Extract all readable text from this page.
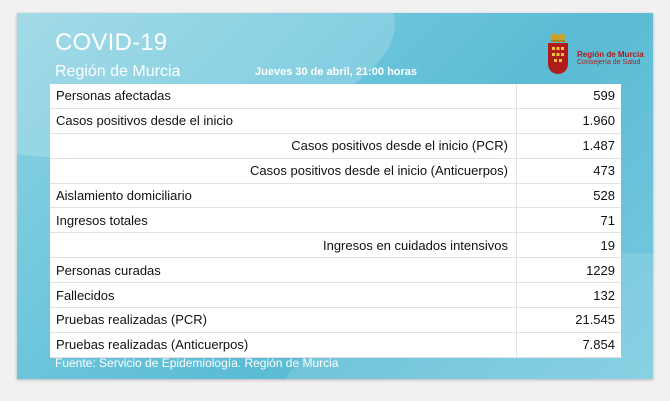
COVID-19
Región de Murcia	Jueves 30 de abril, 21:00 horas
Región de Murcia
Consejería de Salud
Personas afectadas	599
Casos positivos desde el inicio	1.960
Casos positivos desde el inicio (PCR)	1.487
Casos positivos desde el inicio (Anticuerpos)	473
Aislamiento domiciliario	528
Ingresos totales	71
Ingresos en cuidados intensivos	19
Personas curadas	1229
Fallecidos	132
Pruebas realizadas (PCR)	21.545
Pruebas realizadas (Anticuerpos)	7.854
Fuente: Servicio de Epidemiología. Región de Murcia
